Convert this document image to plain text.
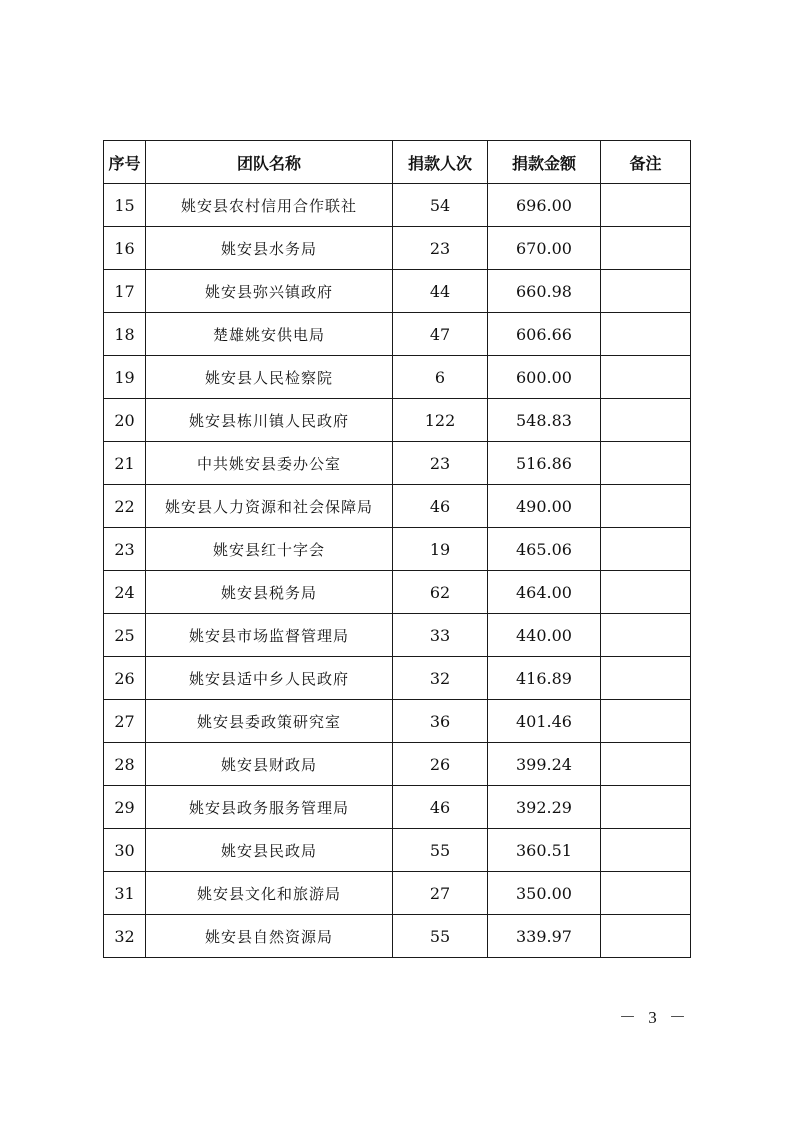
序号	团队名称	捐款人次	捐款金额	备注
15	姚安县农村信用合作联社	54	696.00	
16	姚安县水务局	23	670.00	
17	姚安县弥兴镇政府	44	660.98	
18	楚雄姚安供电局	47	606.66	
19	姚安县人民检察院	6	600.00	
20	姚安县栋川镇人民政府	122	548.83	
21	中共姚安县委办公室	23	516.86	
22	姚安县人力资源和社会保障局	46	490.00	
23	姚安县红十字会	19	465.06	
24	姚安县税务局	62	464.00	
25	姚安县市场监督管理局	33	440.00	
26	姚安县适中乡人民政府	32	416.89	
27	姚安县委政策研究室	36	401.46	
28	姚安县财政局	26	399.24	
29	姚安县政务服务管理局	46	392.29	
30	姚安县民政局	55	360.51	
31	姚安县文化和旅游局	27	350.00	
32	姚安县自然资源局	55	339.97	
－ 3 －
